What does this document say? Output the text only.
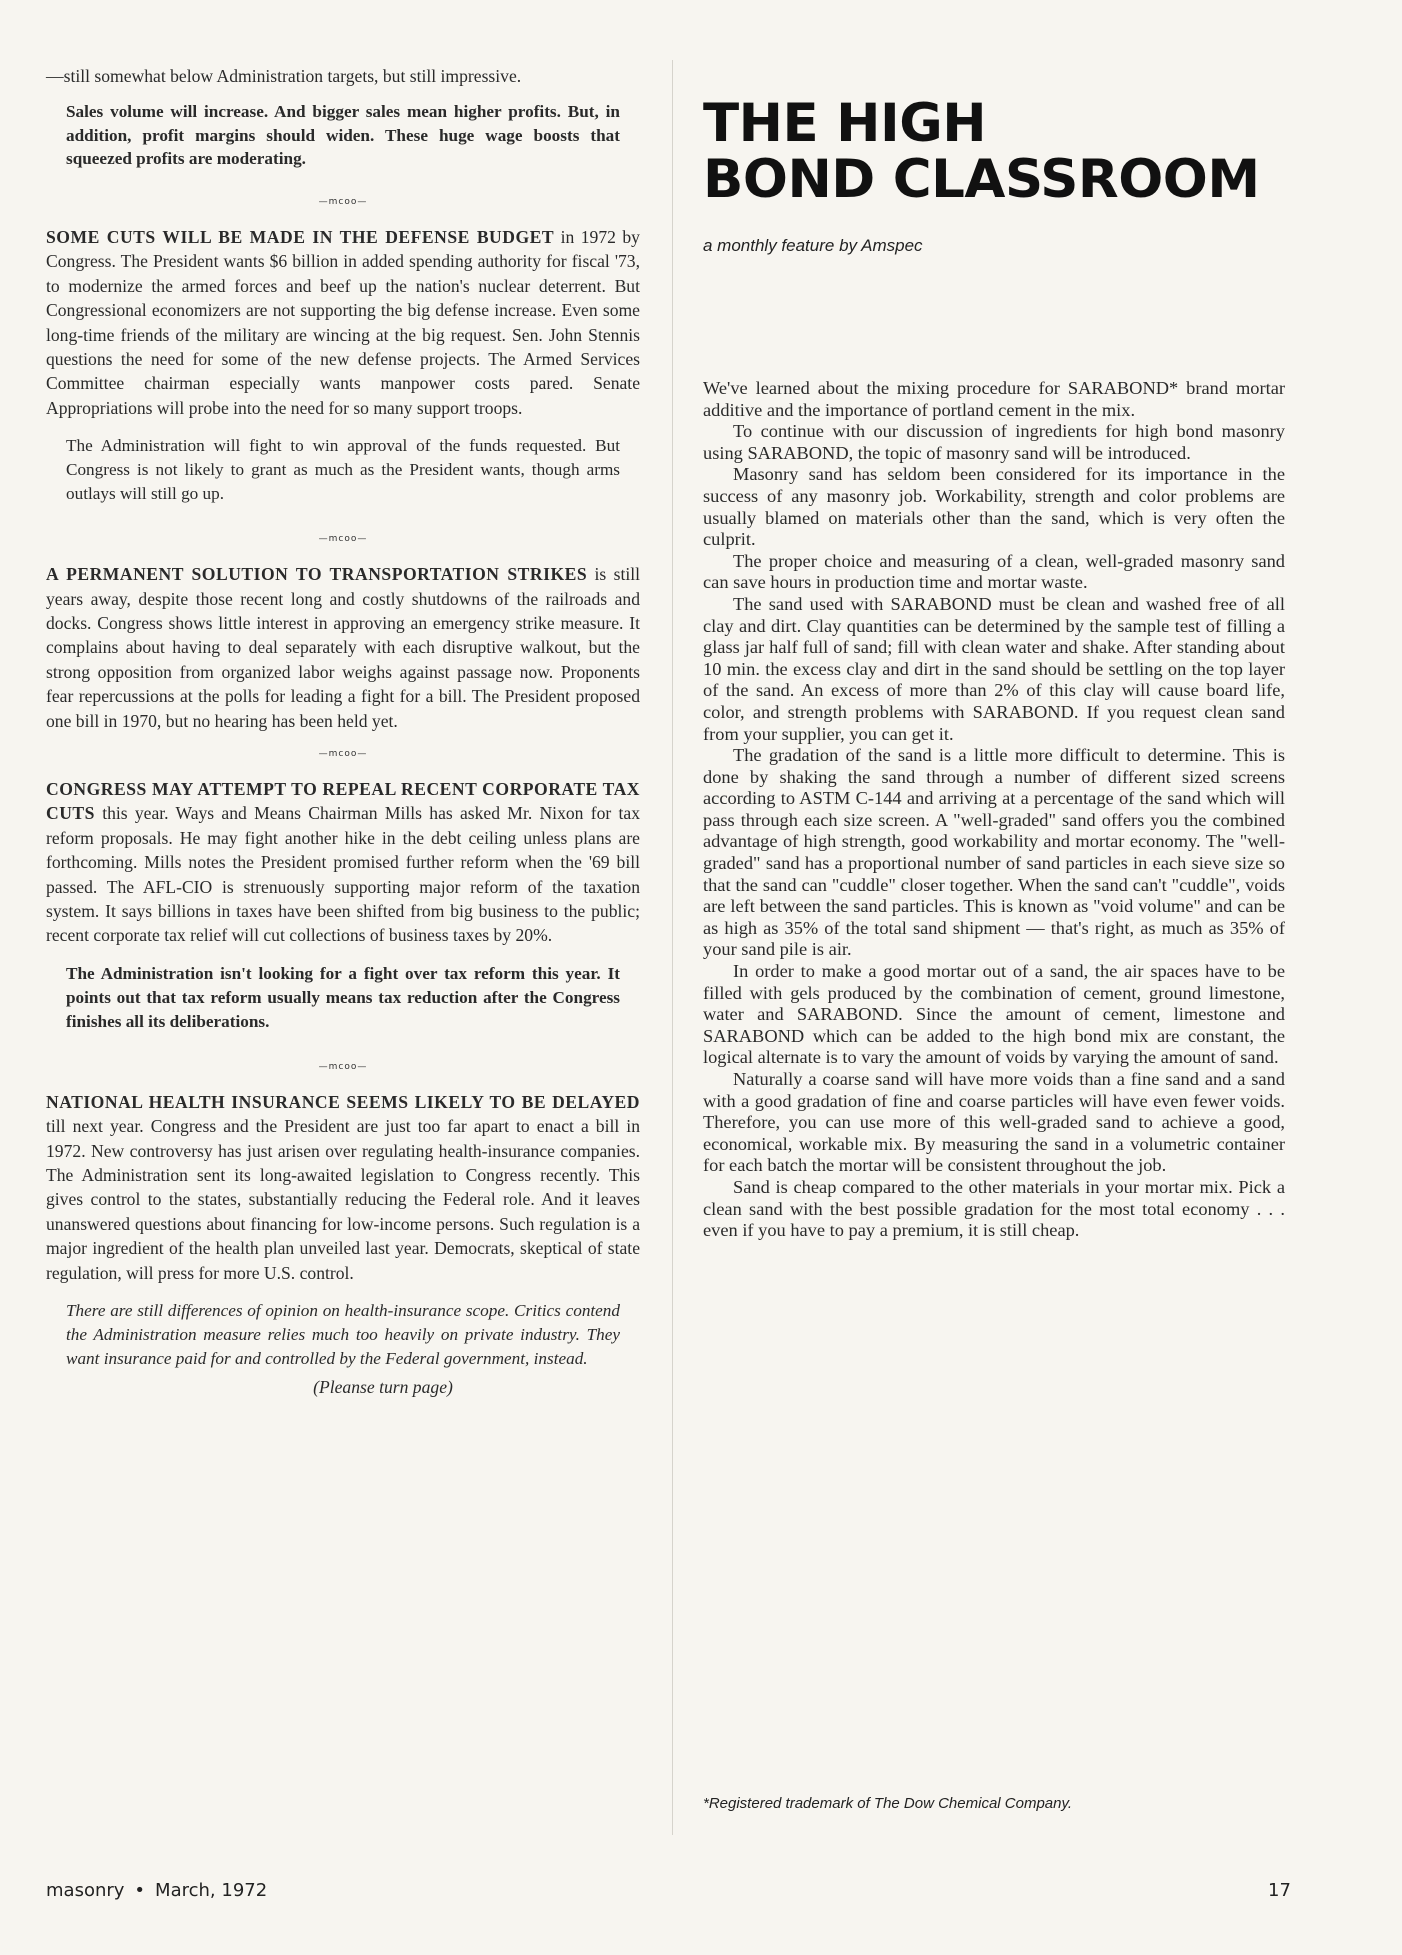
—still somewhat below Administration targets, but still impressive.

Sales volume will increase. And bigger sales mean higher profits. But, in addition, profit margins should widen. These huge wage boosts that squeezed profits are moderating.

—mcoo—

SOME CUTS WILL BE MADE IN THE DEFENSE BUDGET in 1972 by Congress. The President wants $6 billion in added spending authority for fiscal '73, to modernize the armed forces and beef up the nation's nuclear deterrent. But Congressional economizers are not supporting the big defense increase. Even some long-time friends of the military are wincing at the big request. Sen. John Stennis questions the need for some of the new defense projects. The Armed Services Committee chairman especially wants manpower costs pared. Senate Appropriations will probe into the need for so many support troops.

The Administration will fight to win approval of the funds requested. But Congress is not likely to grant as much as the President wants, though arms outlays will still go up.

—mcoo—

A PERMANENT SOLUTION TO TRANSPORTATION STRIKES is still years away, despite those recent long and costly shutdowns of the railroads and docks. Congress shows little interest in approving an emergency strike measure. It complains about having to deal separately with each disruptive walkout, but the strong opposition from organized labor weighs against passage now. Proponents fear repercussions at the polls for leading a fight for a bill. The President proposed one bill in 1970, but no hearing has been held yet.

—mcoo—

CONGRESS MAY ATTEMPT TO REPEAL RECENT CORPORATE TAX CUTS this year. Ways and Means Chairman Mills has asked Mr. Nixon for tax reform proposals. He may fight another hike in the debt ceiling unless plans are forthcoming. Mills notes the President promised further reform when the '69 bill passed. The AFL-CIO is strenuously supporting major reform of the taxation system. It says billions in taxes have been shifted from big business to the public; recent corporate tax relief will cut collections of business taxes by 20%.

The Administration isn't looking for a fight over tax reform this year. It points out that tax reform usually means tax reduction after the Congress finishes all its deliberations.

—mcoo—

NATIONAL HEALTH INSURANCE SEEMS LIKELY TO BE DELAYED till next year. Congress and the President are just too far apart to enact a bill in 1972. New controversy has just arisen over regulating health-insurance companies. The Administration sent its long-awaited legislation to Congress recently. This gives control to the states, substantially reducing the Federal role. And it leaves unanswered questions about financing for low-income persons. Such regulation is a major ingredient of the health plan unveiled last year. Democrats, skeptical of state regulation, will press for more U.S. control.

There are still differences of opinion on health-insurance scope. Critics contend the Administration measure relies much too heavily on private industry. They want insurance paid for and controlled by the Federal government, instead.

(Pleanse turn page)

THE HIGH
BOND CLASSROOM
a monthly feature by Amspec

We've learned about the mixing procedure for SARABOND* brand mortar additive and the importance of portland cement in the mix.

To continue with our discussion of ingredients for high bond masonry using SARABOND, the topic of masonry sand will be introduced.

Masonry sand has seldom been considered for its importance in the success of any masonry job. Workability, strength and color problems are usually blamed on materials other than the sand, which is very often the culprit.

The proper choice and measuring of a clean, well-graded masonry sand can save hours in production time and mortar waste.

The sand used with SARABOND must be clean and washed free of all clay and dirt. Clay quantities can be determined by the sample test of filling a glass jar half full of sand; fill with clean water and shake. After standing about 10 min. the excess clay and dirt in the sand should be settling on the top layer of the sand. An excess of more than 2% of this clay will cause board life, color, and strength problems with SARABOND. If you request clean sand from your supplier, you can get it.

The gradation of the sand is a little more difficult to determine. This is done by shaking the sand through a number of different sized screens according to ASTM C-144 and arriving at a percentage of the sand which will pass through each size screen. A "well-graded" sand offers you the combined advantage of high strength, good workability and mortar economy. The "well-graded" sand has a proportional number of sand particles in each sieve size so that the sand can "cuddle" closer together. When the sand can't "cuddle", voids are left between the sand particles. This is known as "void volume" and can be as high as 35% of the total sand shipment — that's right, as much as 35% of your sand pile is air.

In order to make a good mortar out of a sand, the air spaces have to be filled with gels produced by the combination of cement, ground limestone, water and SARABOND. Since the amount of cement, limestone and SARABOND which can be added to the high bond mix are constant, the logical alternate is to vary the amount of voids by varying the amount of sand.

Naturally a coarse sand will have more voids than a fine sand and a sand with a good gradation of fine and coarse particles will have even fewer voids. Therefore, you can use more of this well-graded sand to achieve a good, economical, workable mix. By measuring the sand in a volumetric container for each batch the mortar will be consistent throughout the job.

Sand is cheap compared to the other materials in your mortar mix. Pick a clean sand with the best possible gradation for the most total economy . . . even if you have to pay a premium, it is still cheap.

*Registered trademark of The Dow Chemical Company.
masonry • March, 1972	17
